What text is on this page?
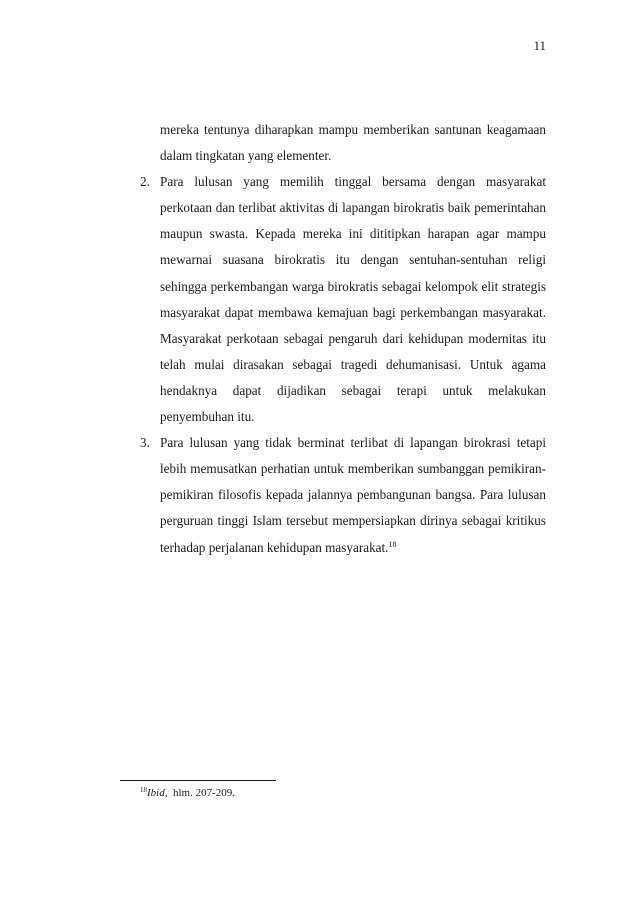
11
mereka tentunya diharapkan mampu memberikan santunan keagamaan dalam tingkatan yang elementer.
2. Para lulusan yang memilih tinggal bersama dengan masyarakat perkotaan dan terlibat aktivitas di lapangan birokratis baik pemerintahan maupun swasta. Kepada mereka ini dititipkan harapan agar mampu mewarnai suasana birokratis itu dengan sentuhan-sentuhan religi sehingga perkembangan warga birokratis sebagai kelompok elit strategis masyarakat dapat membawa kemajuan bagi perkembangan masyarakat. Masyarakat perkotaan sebagai pengaruh dari kehidupan modernitas itu telah mulai dirasakan sebagai tragedi dehumanisasi. Untuk agama hendaknya dapat dijadikan sebagai terapi untuk melakukan penyembuhan itu.
3. Para lulusan yang tidak berminat terlibat di lapangan birokrasi tetapi lebih memusatkan perhatian untuk memberikan sumbanggan pemikiran-pemikiran filosofis kepada jalannya pembangunan bangsa. Para lulusan perguruan tinggi Islam tersebut mempersiapkan dirinya sebagai kritikus terhadap perjalanan kehidupan masyarakat.$^{18}$
$^{18}$Ibid, hlm. 207-209.
